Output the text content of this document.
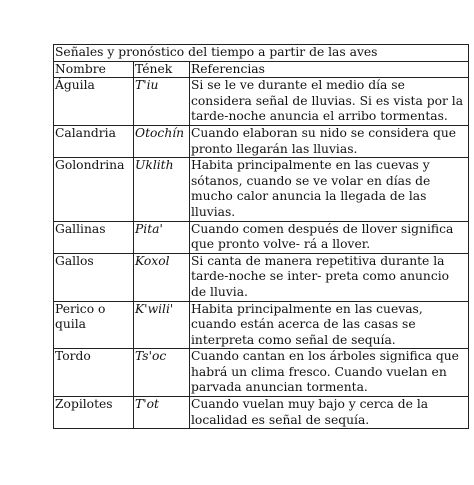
Señales y pronóstico del tiempo a partir de las aves		
Nombre	Tének	Referencias
Águila	T'iu	Si se le ve durante el medio día se considera señal de lluvias. Si es vista por la tarde-noche anuncia el arribo tormentas.
Calandria	Otochín	Cuando elaboran su nido se considera que pronto llegarán las lluvias.
Golondrina	Uklith	Habita principalmente en las cuevas y sótanos, cuando se ve volar en días de mucho calor anuncia la llegada de las lluvias.
Gallinas	Pita'	Cuando comen después de llover significa que pronto volve- rá a llover.
Gallos	Koxol	Si canta de manera repetitiva durante la tarde-noche se inter- preta como anuncio de lluvia.
Perico o quila	K'wili'	Habita principalmente en las cuevas, cuando están acerca de las casas se interpreta como señal de sequía.
Tordo	Ts'oc	Cuando cantan en los árboles significa que habrá un clima fresco. Cuando vuelan en parvada anuncian tormenta.
Zopilotes	T'ot	Cuando vuelan muy bajo y cerca de la localidad es señal de sequía.
